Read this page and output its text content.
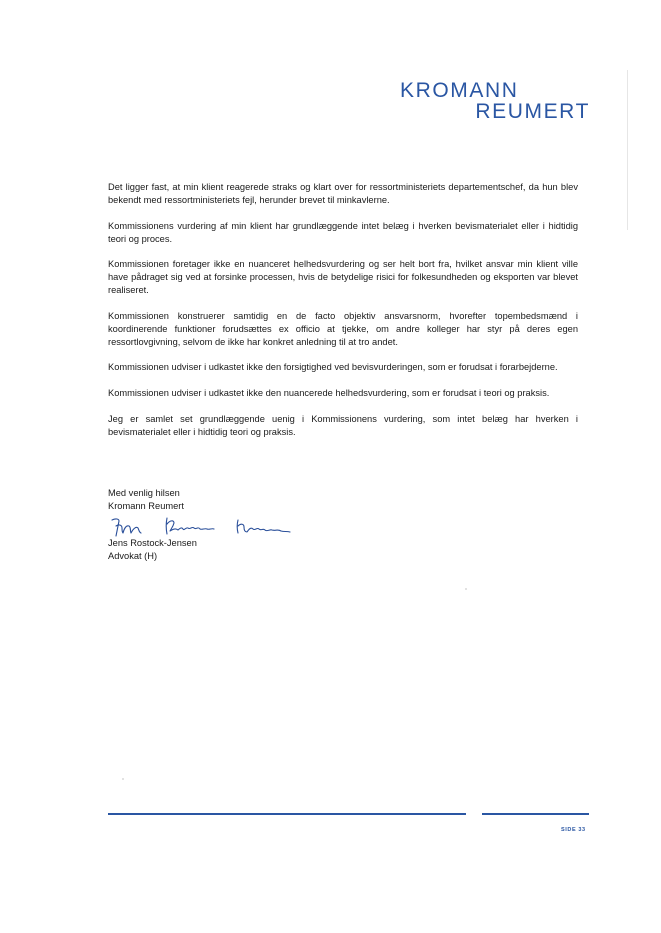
KROMANN
REUMERT

Det ligger fast, at min klient reagerede straks og klart over for ressortministeriets departementschef, da hun blev bekendt med ressortministeriets fejl, herunder brevet til minkavlerne.

Kommissionens vurdering af min klient har grundlæggende intet belæg i hverken bevismaterialet eller i hidtidig teori og proces.

Kommissionen foretager ikke en nuanceret helhedsvurdering og ser helt bort fra, hvilket ansvar min klient ville have pådraget sig ved at forsinke processen, hvis de betydelige risici for folkesundheden og eksporten var blevet realiseret.

Kommissionen konstruerer samtidig en de facto objektiv ansvarsnorm, hvorefter topembedsmænd i koordinerende funktioner forudsættes ex officio at tjekke, om andre kolleger har styr på deres egen ressortlovgivning, selvom de ikke har konkret anledning til at tro andet.

Kommissionen udviser i udkastet ikke den forsigtighed ved bevisvurderingen, som er forudsat i forarbejderne.

Kommissionen udviser i udkastet ikke den nuancerede helhedsvurdering, som er forudsat i teori og praksis.

Jeg er samlet set grundlæggende uenig i Kommissionens vurdering, som intet belæg har hverken i bevismaterialet eller i hidtidig teori og praksis.

Med venlig hilsen
Kromann Reumert
Jens Rostock-Jensen
Advokat (H)
SIDE 33
